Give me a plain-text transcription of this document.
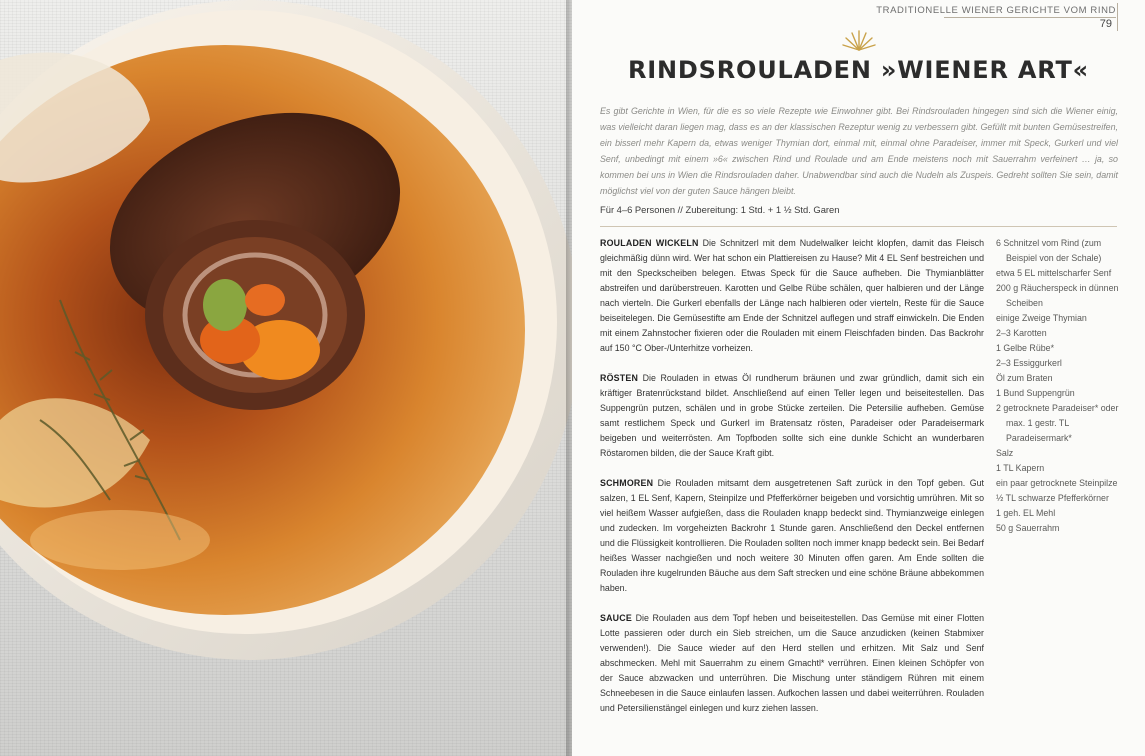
TRADITIONELLE WIENER GERICHTE VOM RIND
79
RINDSROULADEN »WIENER ART«
Es gibt Gerichte in Wien, für die es so viele Rezepte wie Einwohner gibt. Bei Rindsrouladen hingegen sind sich die Wiener einig, was vielleicht daran liegen mag, dass es an der klassischen Rezeptur wenig zu verbessern gibt. Gefüllt mit bunten Gemüsestreifen, ein bisserl mehr Kapern da, etwas weniger Thymian dort, einmal mit, einmal ohne Paradeiser, immer mit Speck, Gurkerl und viel Senf, unbedingt mit einem »6« zwischen Rind und Roulade und am Ende meistens noch mit Sauerrahm verfeinert … ja, so kommen bei uns in Wien die Rindsrouladen daher. Unabwendbar sind auch die Nudeln als Zuspeis. Gedreht sollten Sie sein, damit möglichst viel von der guten Sauce hängen bleibt.
Für 4–6 Personen // Zubereitung: 1 Std. + 1 ½ Std. Garen

ROULADEN WICKELN Die Schnitzerl mit dem Nudelwalker leicht klopfen, damit das Fleisch gleichmäßig dünn wird. Wer hat schon ein Plattiereisen zu Hause? Mit 4 EL Senf bestreichen und mit den Speckscheiben belegen. Etwas Speck für die Sauce aufheben. Die Thymianblätter abstreifen und darüberstreuen. Karotten und Gelbe Rübe schälen, quer halbieren und der Länge nach vierteln. Die Gurkerl ebenfalls der Länge nach halbieren oder vierteln, Reste für die Sauce beiseitelegen. Die Gemüsestifte am Ende der Schnitzel auflegen und straff einwickeln. Die Enden mit einem Zahnstocher fixieren oder die Rouladen mit einem Fleischfaden binden. Das Backrohr auf 150 °C Ober-/Unterhitze vorheizen.

RÖSTEN Die Rouladen in etwas Öl rundherum bräunen und zwar gründlich, damit sich ein kräftiger Bratenrückstand bildet. Anschließend auf einen Teller legen und beiseitestellen. Das Suppengrün putzen, schälen und in grobe Stücke zerteilen. Die Petersilie aufheben. Gemüse samt restlichem Speck und Gurkerl im Bratensatz rösten, Paradeiser oder Paradeisermark beigeben und weiterrösten. Am Topfboden sollte sich eine dunkle Schicht an wunderbaren Röstaromen bilden, die der Sauce Kraft gibt.

SCHMOREN Die Rouladen mitsamt dem ausgetretenen Saft zurück in den Topf geben. Gut salzen, 1 EL Senf, Kapern, Steinpilze und Pfefferkörner beigeben und vorsichtig umrühren. Mit so viel heißem Wasser aufgießen, dass die Rouladen knapp bedeckt sind. Thymianzweige einlegen und zudecken. Im vorgeheizten Backrohr 1 Stunde garen. Anschließend den Deckel entfernen und die Flüssigkeit kontrollieren. Die Rouladen sollten noch immer knapp bedeckt sein. Bei Bedarf heißes Wasser nachgießen und noch weitere 30 Minuten offen garen. Am Ende sollten die Rouladen ihre kugelrunden Bäuche aus dem Saft strecken und eine schöne Bräune abbekommen haben.

SAUCE Die Rouladen aus dem Topf heben und beiseitestellen. Das Gemüse mit einer Flotten Lotte passieren oder durch ein Sieb streichen, um die Sauce anzudicken (keinen Stabmixer verwenden!). Die Sauce wieder auf den Herd stellen und erhitzen. Mit Salz und Senf abschmecken. Mehl mit Sauerrahm zu einem Gmachtl* verrühren. Einen kleinen Schöpfer von der Sauce abzwacken und unterrühren. Die Mischung unter ständigem Rühren mit einem Schneebesen in die Sauce einlaufen lassen. Aufkochen lassen und dabei weiterrühren. Rouladen und Petersilienstängel einlegen und kurz ziehen lassen.

6 Schnitzel vom Rind (zum Beispiel von der Schale)
etwa 5 EL mittelscharfer Senf
200 g Räucherspeck in dünnen Scheiben
einige Zweige Thymian
2–3 Karotten
1 Gelbe Rübe*
2–3 Essiggurkerl
Öl zum Braten
1 Bund Suppengrün
2 getrocknete Paradeiser* oder max. 1 gestr. TL Paradeisermark*
Salz
1 TL Kapern
ein paar getrocknete Steinpilze
½ TL schwarze Pfefferkörner
1 geh. EL Mehl
50 g Sauerrahm
